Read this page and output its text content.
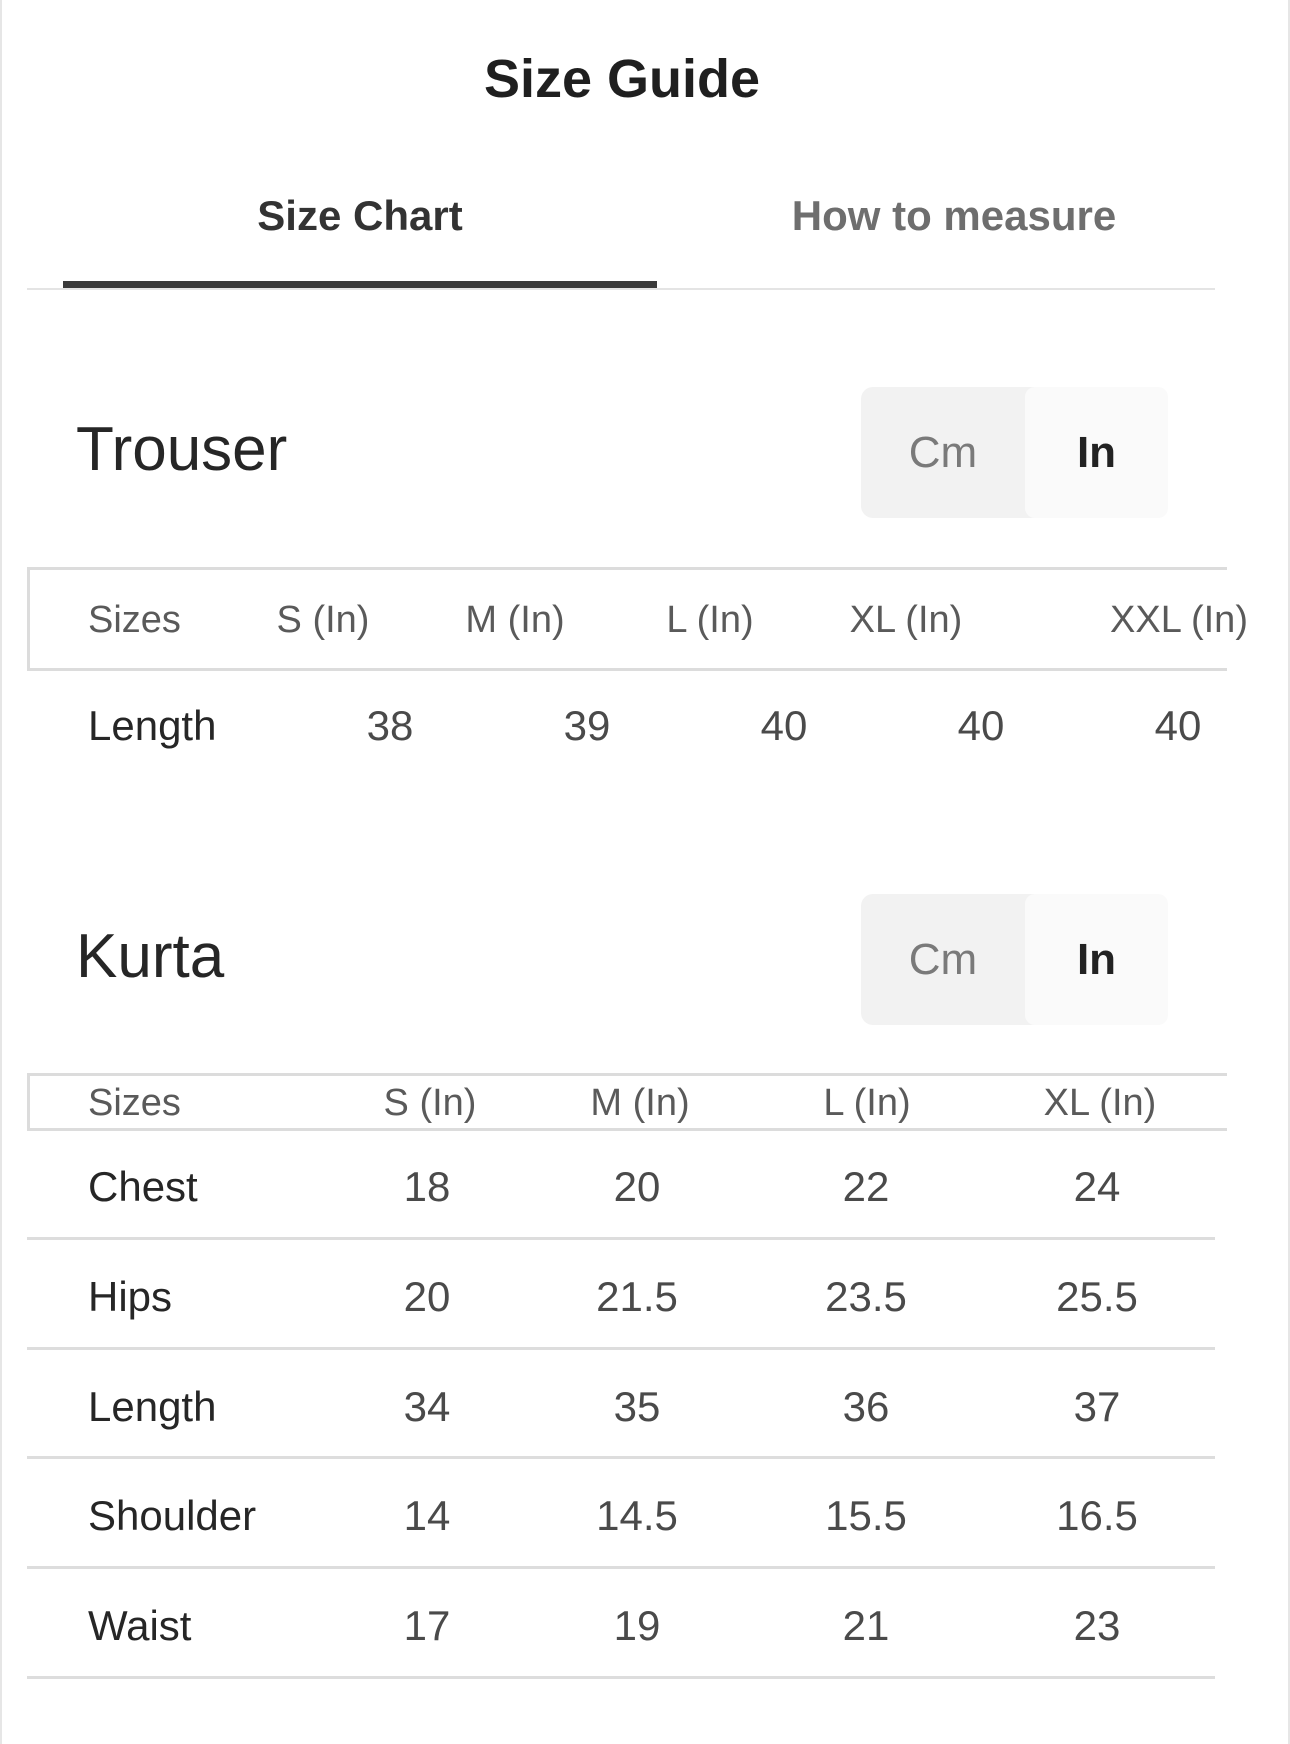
Size Guide
Size Chart	How to measure
Trouser	Cm	In
Sizes	S (In)	M (In)	L (In)	XL (In)	XXL (In)
Length	38	39	40	40	40
Kurta	Cm	In
Sizes	S (In)	M (In)	L (In)	XL (In)
Chest	18	20	22	24
Hips	20	21.5	23.5	25.5
Length	34	35	36	37
Shoulder	14	14.5	15.5	16.5
Waist	17	19	21	23
